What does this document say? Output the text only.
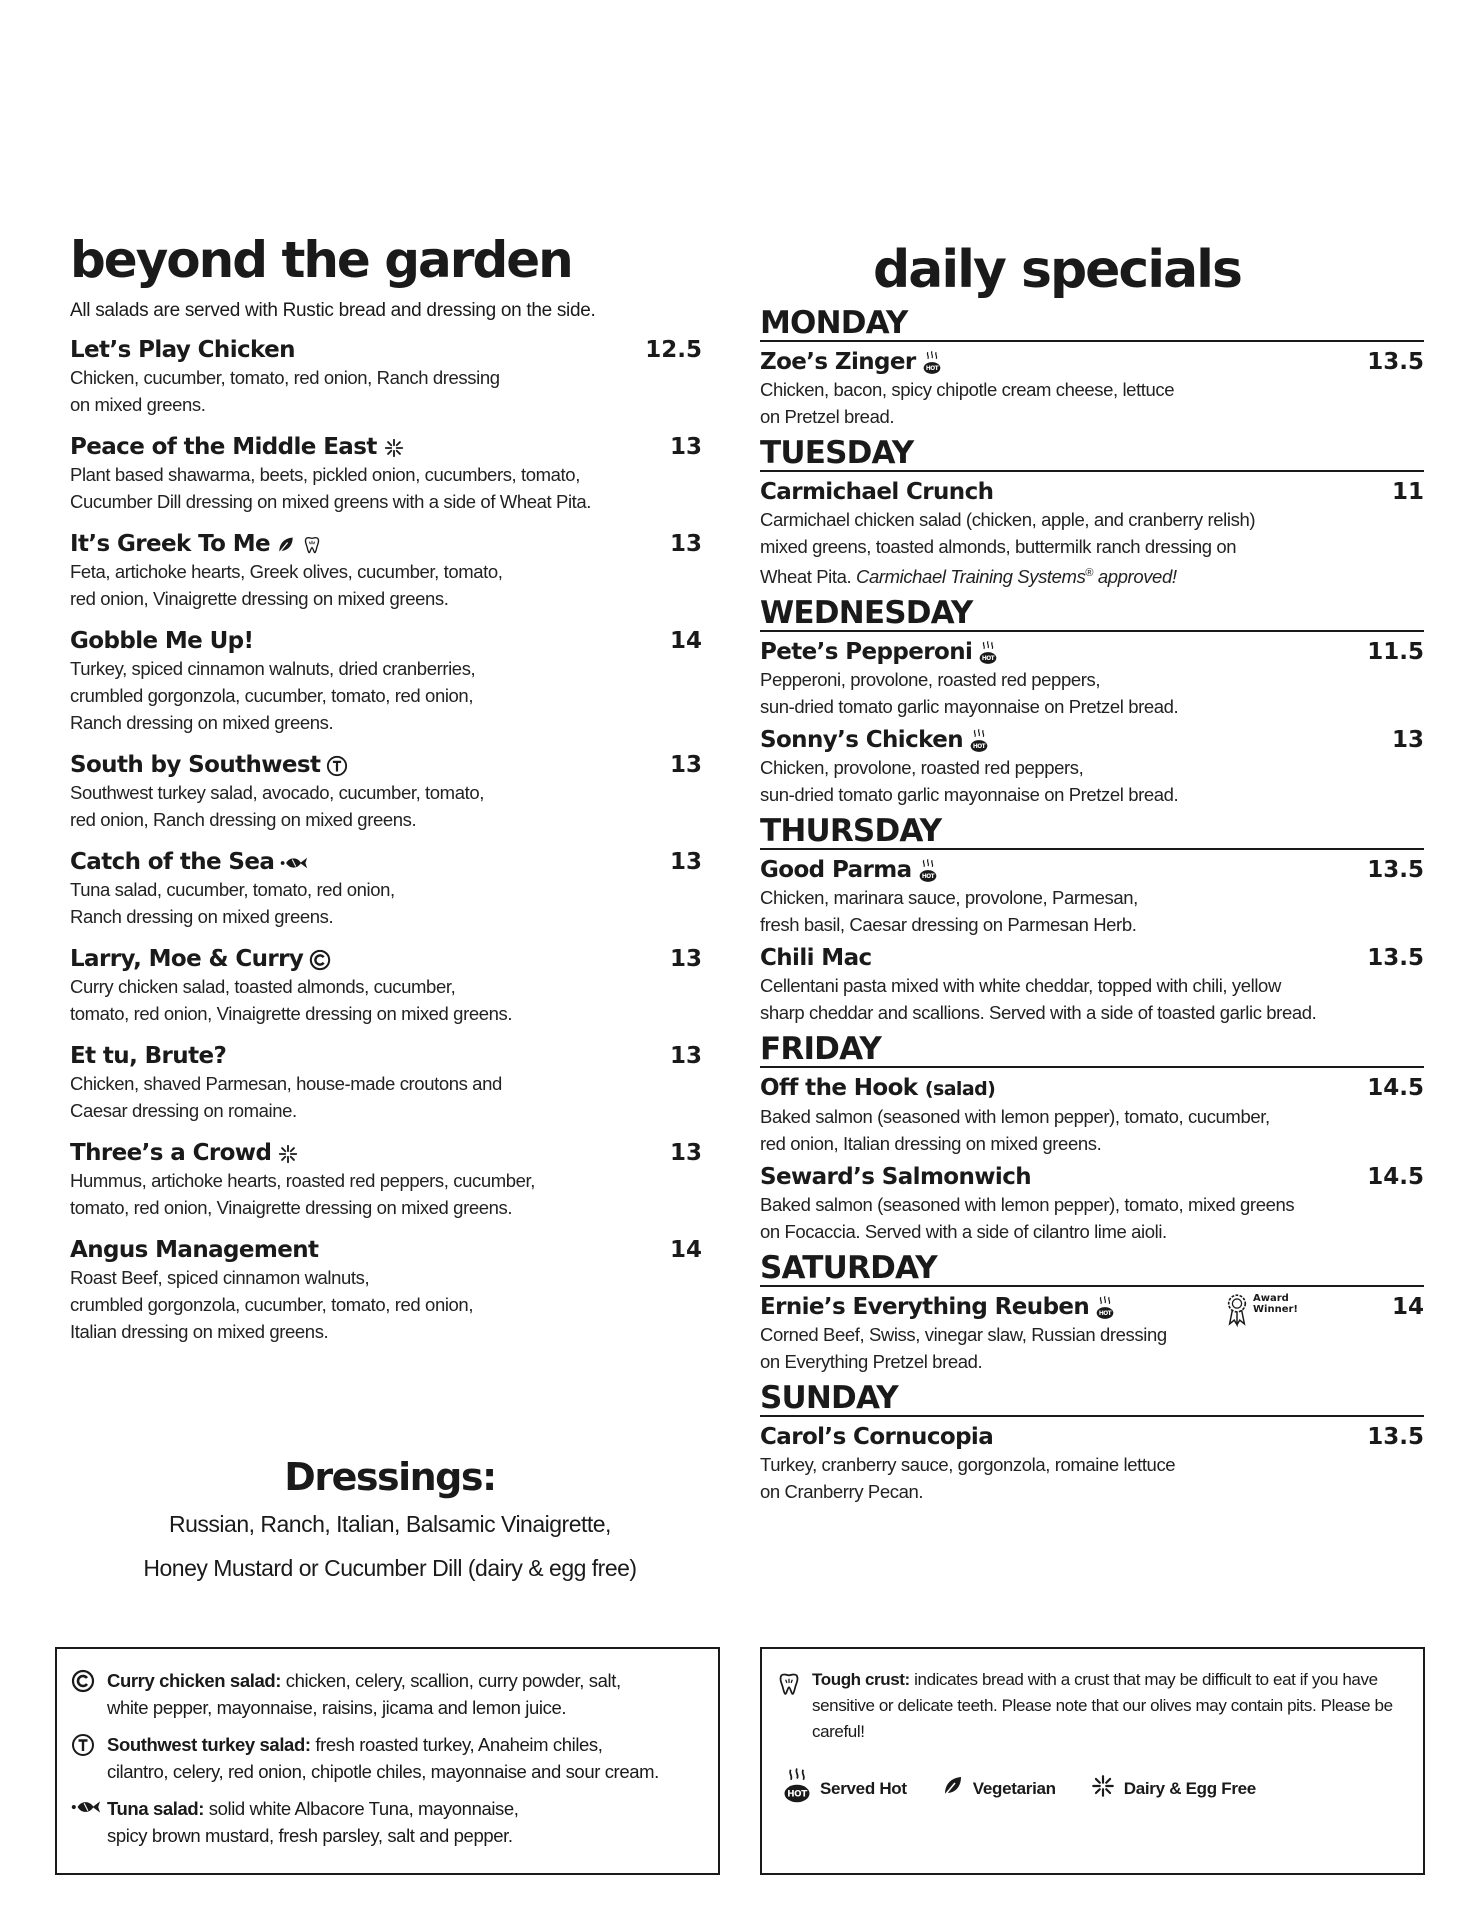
beyond the garden
All salads are served with Rustic bread and dressing on the side.
Let’s Play Chicken	12.5
Chicken, cucumber, tomato, red onion, Ranch dressing
on mixed greens.
Peace of the Middle East	13
Plant based shawarma, beets, pickled onion, cucumbers, tomato,
Cucumber Dill dressing on mixed greens with a side of Wheat Pita.
It’s Greek To Me	13
Feta, artichoke hearts, Greek olives, cucumber, tomato,
red onion, Vinaigrette dressing on mixed greens.
Gobble Me Up!	14
Turkey, spiced cinnamon walnuts, dried cranberries,
crumbled gorgonzola, cucumber, tomato, red onion,
Ranch dressing on mixed greens.
South by Southwest	13
Southwest turkey salad, avocado, cucumber, tomato,
red onion, Ranch dressing on mixed greens.
Catch of the Sea	13
Tuna salad, cucumber, tomato, red onion,
Ranch dressing on mixed greens.
Larry, Moe & Curry	13
Curry chicken salad, toasted almonds, cucumber,
tomato, red onion, Vinaigrette dressing on mixed greens.
Et tu, Brute?	13
Chicken, shaved Parmesan, house-made croutons and
Caesar dressing on romaine.
Three’s a Crowd	13
Hummus, artichoke hearts, roasted red peppers, cucumber,
tomato, red onion, Vinaigrette dressing on mixed greens.
Angus Management	14
Roast Beef, spiced cinnamon walnuts,
crumbled gorgonzola, cucumber, tomato, red onion,
Italian dressing on mixed greens.
Dressings:
Russian, Ranch, Italian, Balsamic Vinaigrette,
Honey Mustard or Cucumber Dill (dairy & egg free)
daily specials
MONDAY
Zoe’s Zinger	13.5
Chicken, bacon, spicy chipotle cream cheese, lettuce
on Pretzel bread.
TUESDAY
Carmichael Crunch	11
Carmichael chicken salad (chicken, apple, and cranberry relish)
mixed greens, toasted almonds, buttermilk ranch dressing on
Wheat Pita. Carmichael Training Systems® approved!
WEDNESDAY
Pete’s Pepperoni	11.5
Pepperoni, provolone, roasted red peppers,
sun-dried tomato garlic mayonnaise on Pretzel bread.
Sonny’s Chicken	13
Chicken, provolone, roasted red peppers,
sun-dried tomato garlic mayonnaise on Pretzel bread.
THURSDAY
Good Parma	13.5
Chicken, marinara sauce, provolone, Parmesan,
fresh basil, Caesar dressing on Parmesan Herb.
Chili Mac	13.5
Cellentani pasta mixed with white cheddar, topped with chili, yellow
sharp cheddar and scallions. Served with a side of toasted garlic bread.
FRIDAY
Off the Hook (salad)	14.5
Baked salmon (seasoned with lemon pepper), tomato, cucumber,
red onion, Italian dressing on mixed greens.
Seward’s Salmonwich	14.5
Baked salmon (seasoned with lemon pepper), tomato, mixed greens
on Focaccia. Served with a side of cilantro lime aioli.
SATURDAY
Ernie’s Everything Reuben	14
Award
Winner!
Corned Beef, Swiss, vinegar slaw, Russian dressing
on Everything Pretzel bread.
SUNDAY
Carol’s Cornucopia	13.5
Turkey, cranberry sauce, gorgonzola, romaine lettuce
on Cranberry Pecan.
Curry chicken salad: chicken, celery, scallion, curry powder, salt,
white pepper, mayonnaise, raisins, jicama and lemon juice.
Southwest turkey salad: fresh roasted turkey, Anaheim chiles,
cilantro, celery, red onion, chipotle chiles, mayonnaise and sour cream.
Tuna salad: solid white Albacore Tuna, mayonnaise,
spicy brown mustard, fresh parsley, salt and pepper.
Tough crust: indicates bread with a crust that may be difficult to eat if you have
sensitive or delicate teeth. Please note that our olives may contain pits. Please be
careful!
HOT Served Hot	Vegetarian	Dairy & Egg Free
